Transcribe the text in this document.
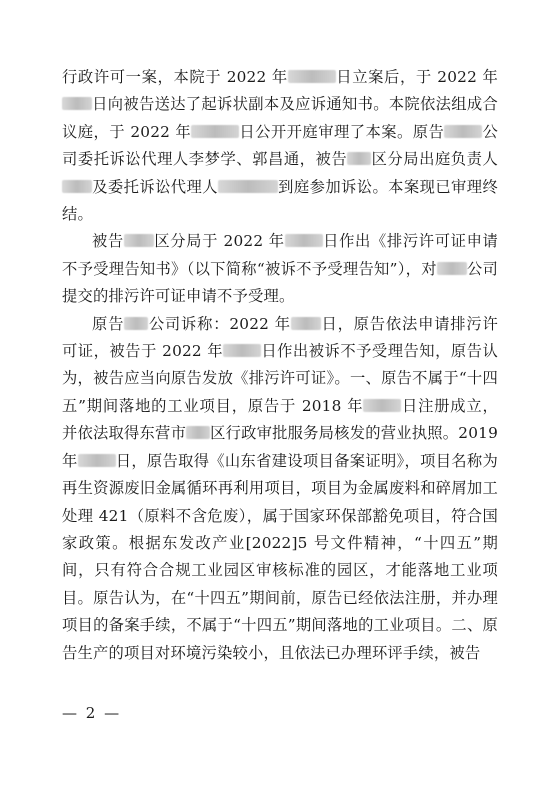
行政许可一案，本院于 2022 年	日立案后，于 2022 年日向被告送达了起诉状副本及应诉通知书。本院依法组成合议庭，于 2022 年	日公开开庭审理了本案。原告 公司委托诉讼代理人李梦学、郭昌通，被告 区分局出庭负责人及委托诉讼代理人	到庭参加诉讼。本案现已审理终结。

被告 区分局于 2022 年 日作出《排污许可证申请不予受理告知书》（以下简称“被诉不予受理告知”），对 公司提交的排污许可证申请不予受理。

原告 公司诉称：2022 年 日，原告依法申请排污许可证，被告于 2022 年 日作出被诉不予受理告知，原告认为，被告应当向原告发放《排污许可证》。一、原告不属于“十四五”期间落地的工业项目，原告于 2018 年 日注册成立，并依法取得东营市 区行政审批服务局核发的营业执照。2019年 日，原告取得《山东省建设项目备案证明》，项目名称为再生资源废旧金属循环再利用项目，项目为金属废料和碎屑加工处理 421（原料不含危废），属于国家环保部豁免项目，符合国家政策。根据东发改产业[2022]5 号文件精神，“十四五”期间，只有符合合规工业园区审核标准的园区，才能落地工业项目。原告认为，在“十四五”期间前，原告已经依法注册，并办理项目的备案手续，不属于“十四五”期间落地的工业项目。二、原告生产的项目对环境污染较小，且依法已办理环评手续，被告

— 2 —
